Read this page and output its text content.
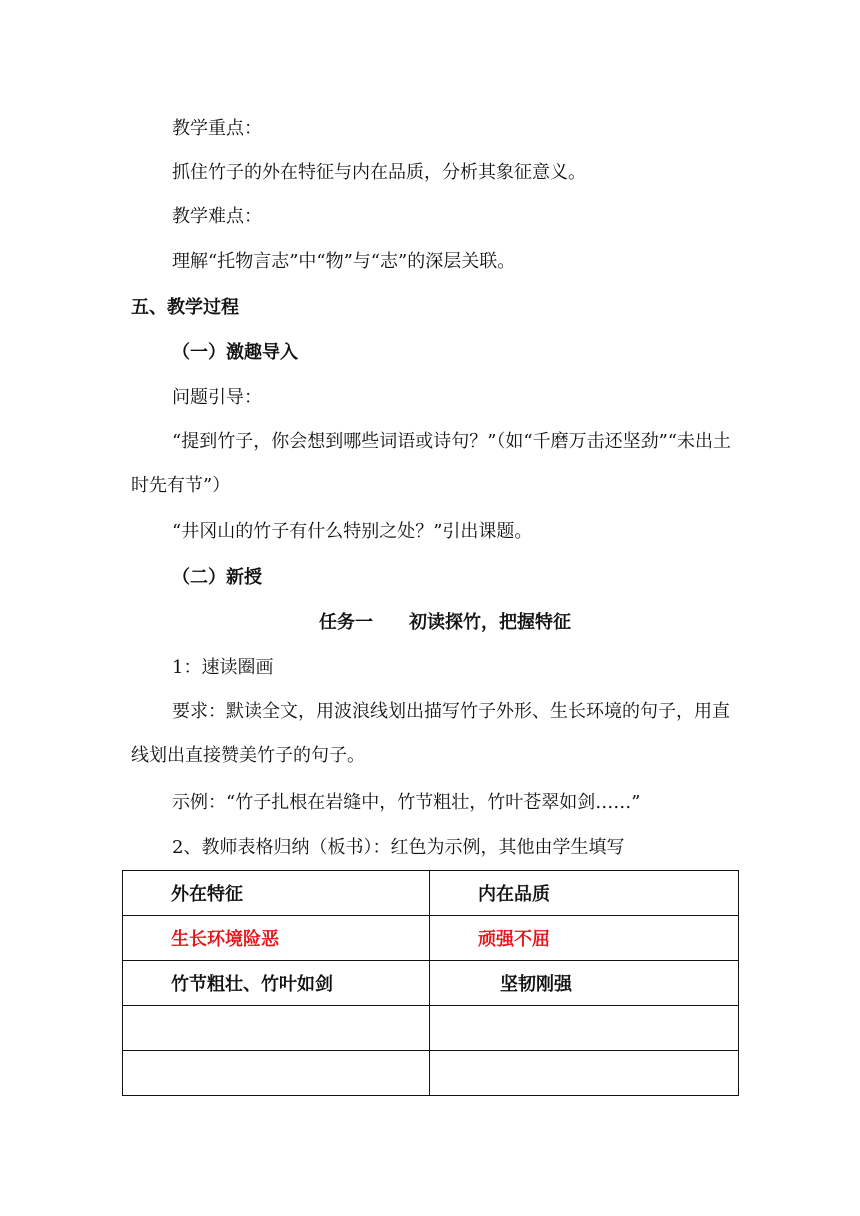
教学重点：
抓住竹子的外在特征与内在品质，分析其象征意义。
教学难点：
理解“托物言志”中“物”与“志”的深层关联。
五、教学过程
（一）激趣导入
问题引导：
“提到竹子，你会想到哪些词语或诗句？”（如“千磨万击还坚劲”“未出土时先有节”）
“井冈山的竹子有什么特别之处？”引出课题。
（二）新授
任务一　　初读探竹，把握特征
1：速读圈画
要求：默读全文，用波浪线划出描写竹子外形、生长环境的句子，用直线划出直接赞美竹子的句子。
示例：“竹子扎根在岩缝中，竹节粗壮，竹叶苍翠如剑……”
2、教师表格归纳（板书）：红色为示例，其他由学生填写
外在特征	内在品质
生长环境险恶	顽强不屈
竹节粗壮、竹叶如剑	坚韧刚强
